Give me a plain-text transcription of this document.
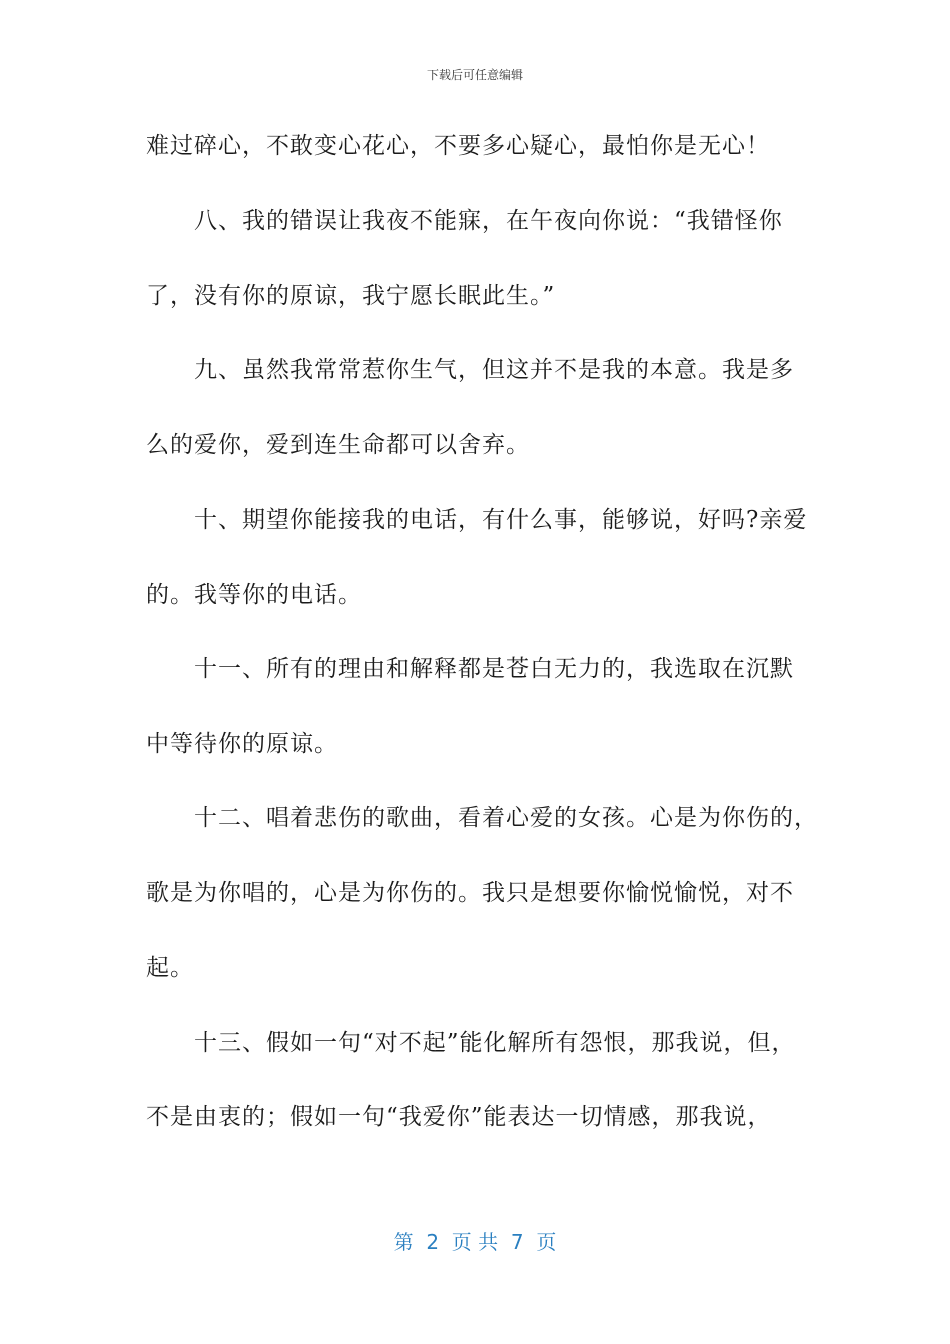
下载后可任意编辑
难过碎心，不敢变心花心，不要多心疑心，最怕你是无心！
　　八、我的错误让我夜不能寐，在午夜向你说：“我错怪你
了，没有你的原谅，我宁愿长眠此生。”
　　九、虽然我常常惹你生气，但这并不是我的本意。我是多
么的爱你，爱到连生命都可以舍弃。
　　十、期望你能接我的电话，有什么事，能够说，好吗?亲爱
的。我等你的电话。
　　十一、所有的理由和解释都是苍白无力的，我选取在沉默
中等待你的原谅。
　　十二、唱着悲伤的歌曲，看着心爱的女孩。心是为你伤的，
歌是为你唱的，心是为你伤的。我只是想要你愉悦愉悦，对不
起。
　　十三、假如一句“对不起”能化解所有怨恨，那我说，但，
不是由衷的；假如一句“我爱你”能表达一切情感，那我说，
第  2  页 共  7  页
